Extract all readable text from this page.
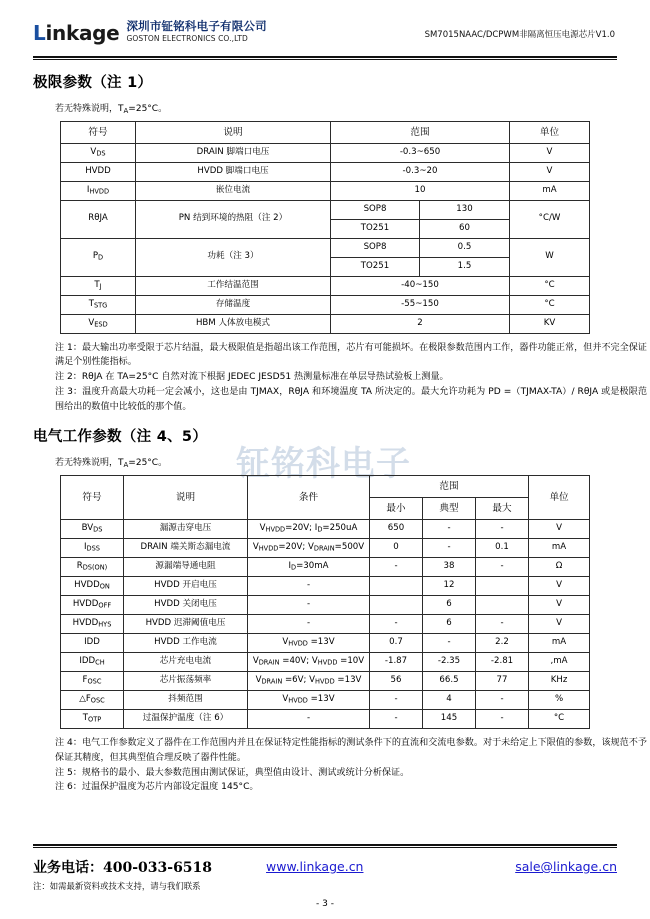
Linkage 深圳市钲铭科电子有限公司
GOSTON ELECTRONICS CO.,LTD	SM7015NAAC/DCPWM非隔离恒压电源芯片V1.0
极限参数（注 1）
若无特殊说明，$T_A=25^\circ C$。
符号	说明	范围		单位
$V_{DS}$	DRAIN 脚端口电压	-0.3~650		V
HVDD	HVDD 脚端口电压	-0.3~20		V
$I_{HVDD}$	嵌位电流	10		mA
RθJA	PN 结到环境的热阻（注 2）	SOP8	130	°C/W
		TO251	60	
$P_D$	功耗（注 3）	SOP8	0.5	W
		TO251	1.5	
$T_J$	工作结温范围	-40~150		°C
$T_{STG}$	存储温度	-55~150		°C
$V_{ESD}$	HBM 人体放电模式	2		KV

注 1：最大输出功率受限于芯片结温，最大极限值是指超出该工作范围，芯片有可能损坏。在极限参数范围内工作，器件功能正常，但并不完全保证满足个别性能指标。

注 2：RθJA 在 TA=25°C 自然对流下根据 JEDEC JESD51 热测量标准在单层导热试验板上测量。

注 3：温度升高最大功耗一定会减小，这也是由 TJMAX，RθJA 和环境温度 TA 所决定的。最大允许功耗为 PD =（TJMAX-TA）/ RθJA 或是极限范围给出的数值中比较低的那个值。

电气工作参数（注 4、5）
若无特殊说明，$T_A=25^\circ C$。	钲铭科电子
符号	说明	条件	范围			单位
			最小	典型	最大	
$BV_{DS}$	漏源击穿电压	$V_{HVDD}=20V$; $I_D=250uA$	650	-	-	V
$I_{DSS}$	DRAIN 端关斯态漏电流	$V_{HVDD}=20V$; $V_{DRAIN}=500V$	0	-	0.1	mA
$R_{DS(ON)}$	源漏端导通电阻	$I_D=30mA$	-	38	-	Ω
$HVDD_{ON}$	HVDD 开启电压	-		12		V
$HVDD_{OFF}$	HVDD 关闭电压	-		6		V
$HVDD_{HYS}$	HVDD 迟滞阈值电压	-	-	6	-	V
IDD	HVDD 工作电流	$V_{HVDD} =13V$	0.7	-	2.2	mA
$IDD_{CH}$	芯片充电电流	$V_{DRAIN} =40V$; $V_{HVDD} =10V$	-1.87	-2.35	-2.81	,mA
$F_{OSC}$	芯片振荡频率	$V_{DRAIN} =6V$; $V_{HVDD} =13V$	56	66.5	77	KHz
$\triangle F_{OSC}$	抖频范围	$V_{HVDD} =13V$	-	4	-	%
$T_{OTP}$	过温保护温度（注 6）	-	-	145	-	°C

注 4：电气工作参数定义了器件在工作范围内并且在保证特定性能指标的测试条件下的直流和交流电参数。对于未给定上下限值的参数，该规范不予保证其精度，但其典型值合理反映了器件性能。

注 5：规格书的最小、最大参数范围由测试保证，典型值由设计、测试或统计分析保证。

注 6：过温保护温度为芯片内部设定温度 145°C。

业务电话：400-033-6518
注：如需最新资料或技术支持，请与我们联系
www.linkage.cn	sale@linkage.cn
- 3 -
